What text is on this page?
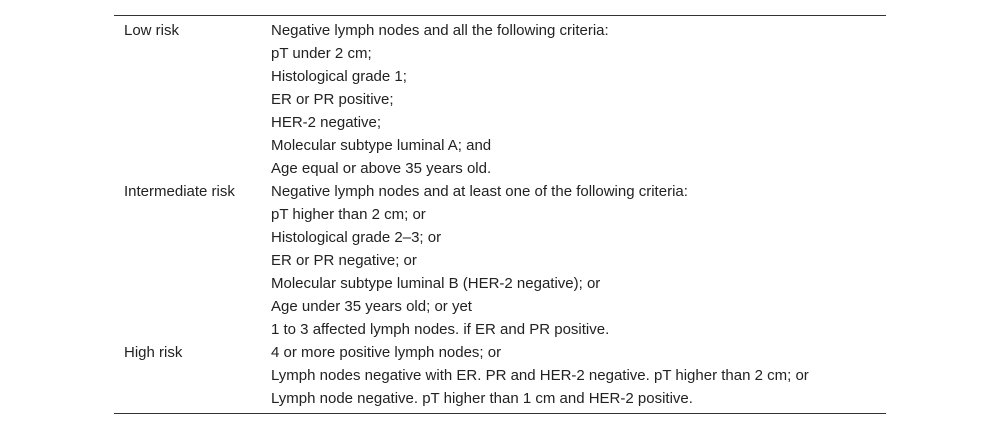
Low risk	Negative lymph nodes and all the following criteria:
pT under 2 cm;
Histological grade 1;
ER or PR positive;
HER-2 negative;
Molecular subtype luminal A; and
Age equal or above 35 years old.
Intermediate risk	Negative lymph nodes and at least one of the following criteria:
pT higher than 2 cm; or
Histological grade 2–3; or
ER or PR negative; or
Molecular subtype luminal B (HER-2 negative); or
Age under 35 years old; or yet
1 to 3 affected lymph nodes. if ER and PR positive.
High risk	4 or more positive lymph nodes; or
Lymph nodes negative with ER. PR and HER-2 negative. pT higher than 2 cm; or
Lymph node negative. pT higher than 1 cm and HER-2 positive.
